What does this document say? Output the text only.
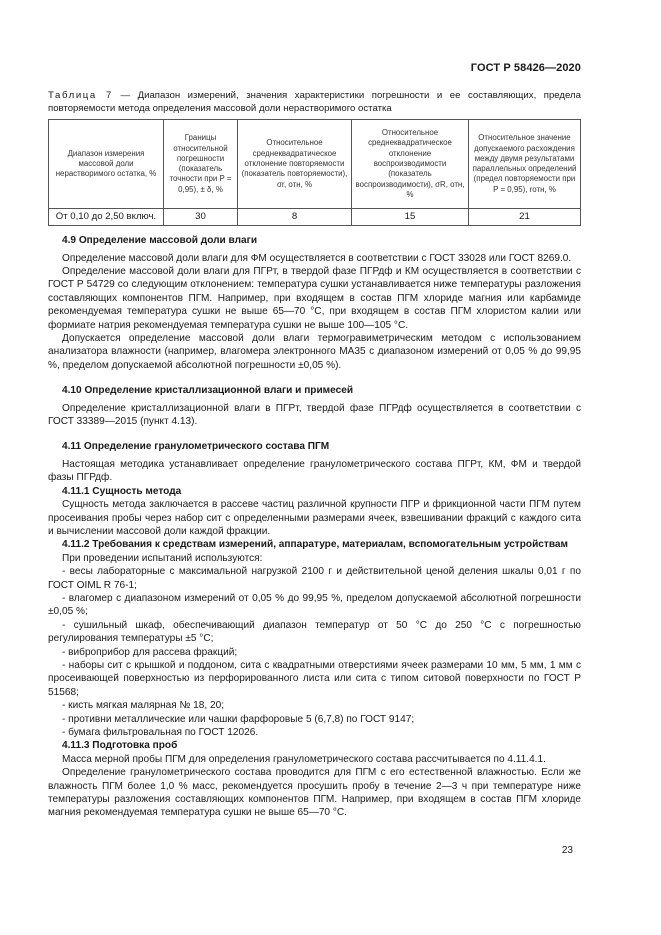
ГОСТ Р 58426—2020
Таблица 7 — Диапазон измерений, значения характеристики погрешности и ее составляющих, предела повторяемости метода определения массовой доли нерастворимого остатка
Диапазон измерения массовой доли нерастворимого остатка, %	Границы относительной погрешности (показатель точности при P = 0,95), ± δ, %	Относительное среднеквадратическое отклонение повторяемости (показатель повторяемости), σr, отн, %	Относительное среднеквадратическое отклонение воспроизводимости (показатель воспроизводимости), σR, отн, %	Относительное значение допускаемого расхождения между двумя результатами параллельных определений (предел повторяемости при P = 0,95), rотн, %
От 0,10 до 2,50 включ.	30	8	15	21
4.9 Определение массовой доли влаги

Определение массовой доли влаги для ФМ осуществляется в соответствии с ГОСТ 33028 или ГОСТ 8269.0.

Определение массовой доли влаги для ПГРт, в твердой фазе ПГРдф и КМ осуществляется в соответствии с ГОСТ Р 54729 со следующим отклонением: температура сушки устанавливается ниже температуры разложения составляющих компонентов ПГМ. Например, при входящем в состав ПГМ хлориде магния или карбамиде рекомендуемая температура сушки не выше 65—70 °С, при входящем в состав ПГМ хлористом калии или формиате натрия рекомендуемая температура сушки не выше 100—105 °С.

Допускается определение массовой доли влаги термогравиметрическим методом с использованием анализатора влажности (например, влагомера электронного МА35 с диапазоном измерений от 0,05 % до 99,95 %, пределом допускаемой абсолютной погрешности ±0,05 %).

4.10 Определение кристаллизационной влаги и примесей

Определение кристаллизационной влаги в ПГРт, твердой фазе ПГРдф осуществляется в соответствии с ГОСТ 33389—2015 (пункт 4.13).

4.11 Определение гранулометрического состава ПГМ

Настоящая методика устанавливает определение гранулометрического состава ПГРт, КМ, ФМ и твердой фазы ПГРдф.

4.11.1 Сущность метода

Сущность метода заключается в рассеве частиц различной крупности ПГР и фрикционной части ПГМ путем просеивания пробы через набор сит с определенными размерами ячеек, взвешивании фракций с каждого сита и вычислении массовой доли каждой фракции.

4.11.2 Требования к средствам измерений, аппаратуре, материалам, вспомогательным устройствам

При проведении испытаний используются:

- весы лабораторные с максимальной нагрузкой 2100 г и действительной ценой деления шкалы 0,01 г по ГОСТ OIML R 76-1;

- влагомер с диапазоном измерений от 0,05 % до 99,95 %, пределом допускаемой абсолютной погрешности ±0,05 %;

- сушильный шкаф, обеспечивающий диапазон температур от 50 °С до 250 °С с погрешностью регулирования температуры ±5 °С;

- виброприбор для рассева фракций;

- наборы сит с крышкой и поддоном, сита с квадратными отверстиями ячеек размерами 10 мм, 5 мм, 1 мм с просеивающей поверхностью из перфорированного листа или сита с типом ситовой поверхности по ГОСТ Р 51568;

- кисть мягкая малярная № 18, 20;

- противни металлические или чашки фарфоровые 5 (6,7,8) по ГОСТ 9147;

- бумага фильтровальная по ГОСТ 12026.

4.11.3 Подготовка проб

Масса мерной пробы ПГМ для определения гранулометрического состава рассчитывается по 4.11.4.1.

Определение гранулометрического состава проводится для ПГМ с его естественной влажностью. Если же влажность ПГМ более 1,0 % масс, рекомендуется просушить пробу в течение 2—3 ч при температуре ниже температуры разложения составляющих компонентов ПГМ. Например, при входящем в состав ПГМ хлориде магния рекомендуемая температура сушки не выше 65—70 °С.

23
